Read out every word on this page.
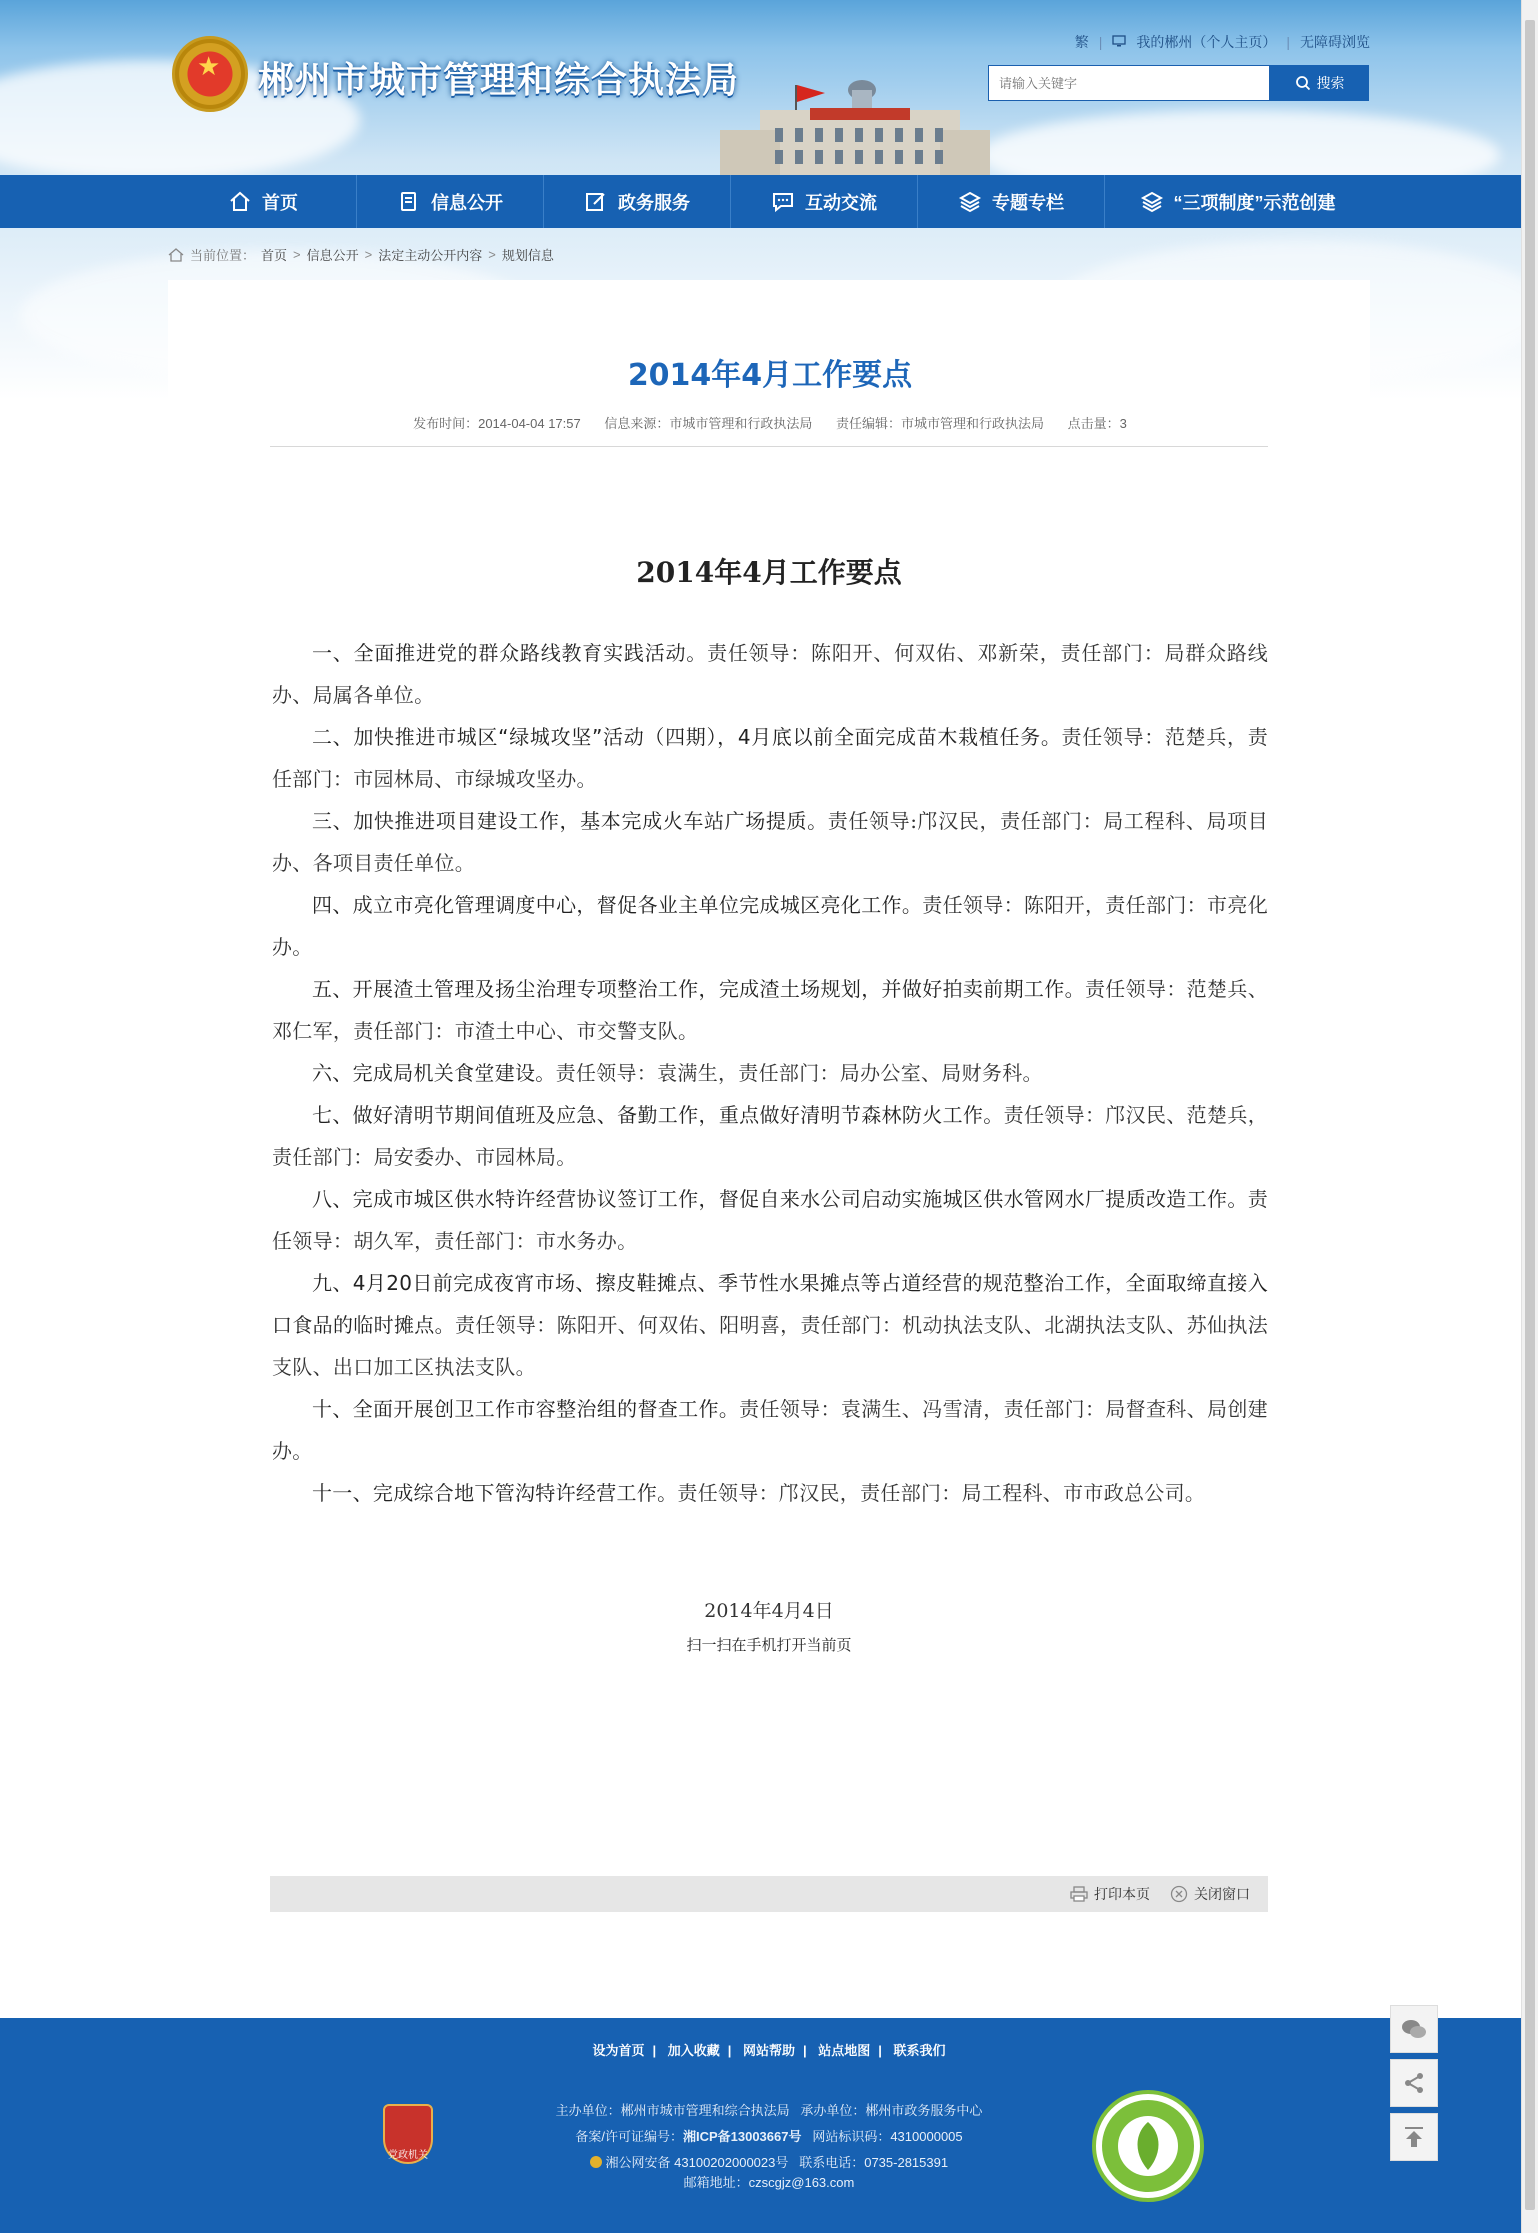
★
郴州市城市管理和综合执法局
繁 | 我的郴州（个人主页） | 无障碍浏览
请输入关键字
搜索
首页	信息公开	政务服务	互动交流	专题专栏	“三项制度”示范创建
当前位置： 首页 > 信息公开 > 法定主动公开内容 > 规划信息
2014年4月工作要点
发布时间：2014-04-04 17:57 信息来源：市城市管理和行政执法局 责任编辑：市城市管理和行政执法局 点击量：3
2014年4月工作要点

一、全面推进党的群众路线教育实践活动。责任领导：陈阳开、何双佑、邓新荣，责任部门：局群众路线办、局属各单位。

二、加快推进市城区“绿城攻坚”活动（四期），4月底以前全面完成苗木栽植任务。责任领导：范楚兵，责任部门：市园林局、市绿城攻坚办。

三、加快推进项目建设工作，基本完成火车站广场提质。责任领导:邝汉民，责任部门：局工程科、局项目办、各项目责任单位。

四、成立市亮化管理调度中心，督促各业主单位完成城区亮化工作。责任领导：陈阳开，责任部门：市亮化办。

五、开展渣土管理及扬尘治理专项整治工作，完成渣土场规划，并做好拍卖前期工作。责任领导：范楚兵、邓仁军，责任部门：市渣土中心、市交警支队。

六、完成局机关食堂建设。责任领导：袁满生，责任部门：局办公室、局财务科。

七、做好清明节期间值班及应急、备勤工作，重点做好清明节森林防火工作。责任领导：邝汉民、范楚兵，责任部门：局安委办、市园林局。

八、完成市城区供水特许经营协议签订工作，督促自来水公司启动实施城区供水管网水厂提质改造工作。责任领导：胡久军，责任部门：市水务办。

九、4月20日前完成夜宵市场、擦皮鞋摊点、季节性水果摊点等占道经营的规范整治工作，全面取缔直接入口食品的临时摊点。责任领导：陈阳开、何双佑、阳明喜，责任部门：机动执法支队、北湖执法支队、苏仙执法支队、出口加工区执法支队。

十、全面开展创卫工作市容整治组的督查工作。责任领导：袁满生、冯雪清，责任部门：局督查科、局创建办。

十一、完成综合地下管沟特许经营工作。责任领导：邝汉民，责任部门：局工程科、市市政总公司。

2014年4月4日
扫一扫在手机打开当前页
打印本页	关闭窗口
设为首页 | 加入收藏 | 网站帮助 | 站点地图 | 联系我们
党政机关
主办单位：郴州市城市管理和综合执法局 承办单位：郴州市政务服务中心
备案/许可证编号：湘ICP备13003667号 网站标识码：4310000005
湘公网安备 43100202000023号 联系电话：0735-2815391
邮箱地址：czscgjz@163.com
